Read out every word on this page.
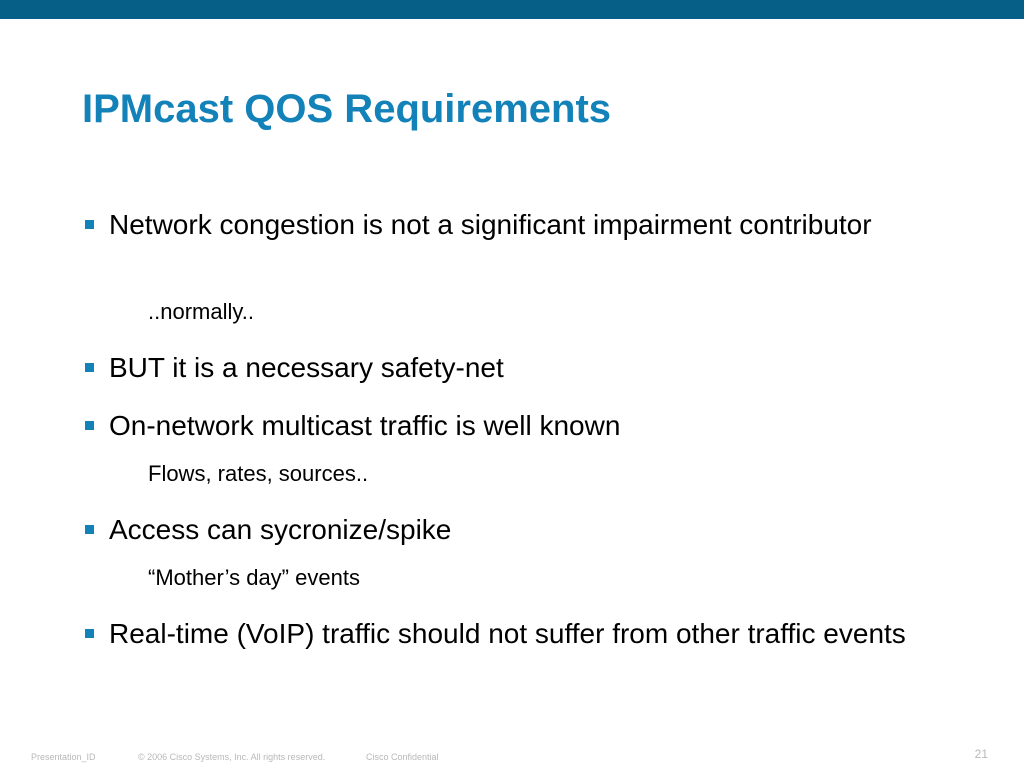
IPMcast QOS Requirements
Network congestion is not a significant impairment contributor
..normally..
BUT it is a necessary safety-net
On-network multicast traffic is well known
Flows, rates, sources..
Access can sycronize/spike
“Mother’s day” events
Real-time (VoIP) traffic should not suffer from other traffic events
Presentation_ID	© 2006 Cisco Systems, Inc. All rights reserved.	Cisco Confidential	21
